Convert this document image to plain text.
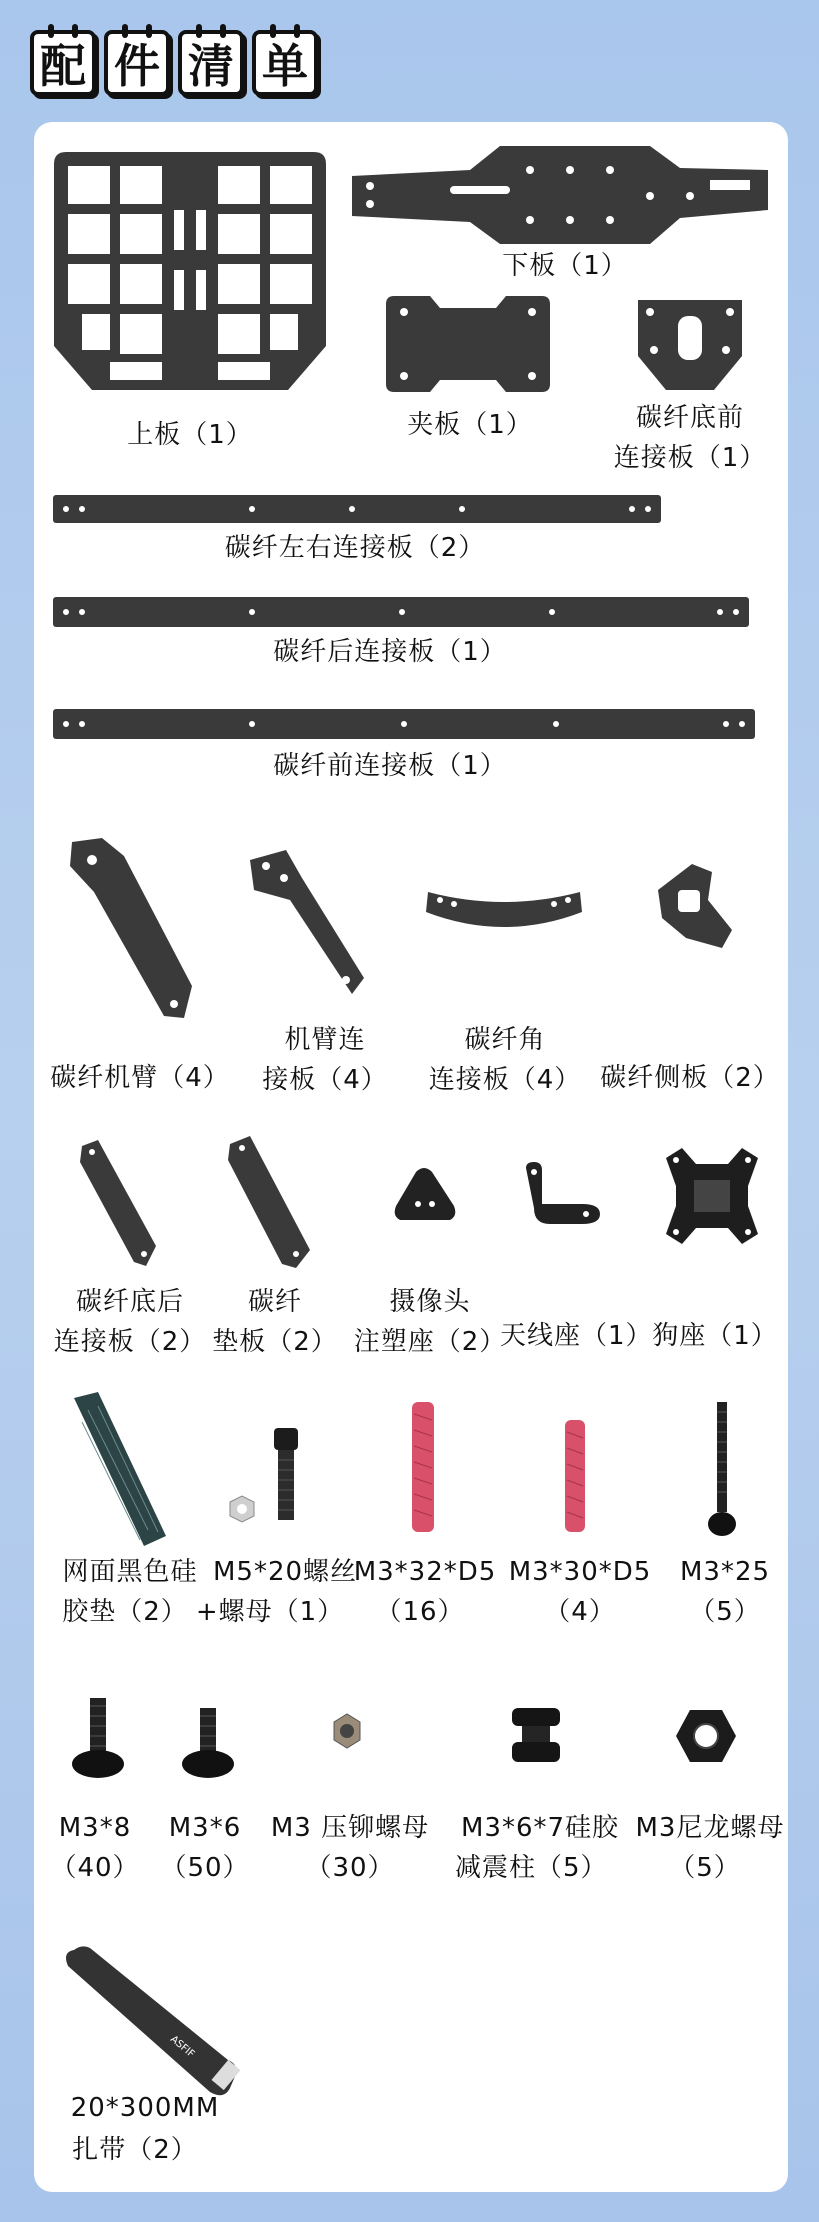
配 件 清 单
上板（1）
下板（1）
夹板（1）	碳纤底前
连接板（1）
碳纤左右连接板（2）
碳纤后连接板（1）
碳纤前连接板（1）
碳纤机臂（4）
机臂连
接板（4）
碳纤角
连接板（4） 碳纤侧板（2）
碳纤底后
连接板（2）
碳纤
垫板（2）
摄像头
注塑座（2）
天线座（1） 狗座（1）
网面黑色硅
胶垫（2）
M5*20螺丝
+螺母（1）
M3*32*D5
（16）
M3*30*D5
（4）
M3*25
（5）
M3*8
（40）
M3*6
（50）
M3 压铆螺母
（30）
M3*6*7硅胶
减震柱（5）
M3尼龙螺母
（5）
ASFIF
20*300MM
扎带（2）
